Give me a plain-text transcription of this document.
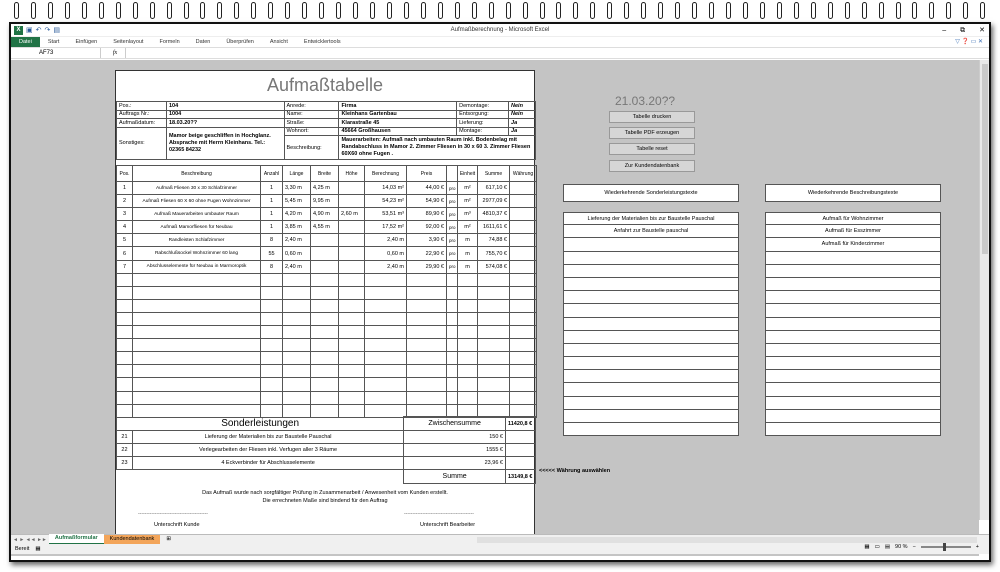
X ▣ ↶ ↷ ▤	Aufmaßberechnung - Microsoft Excel	– ⧉ ✕
Datei	Start	Einfügen	Seitenlayout	Formeln	Daten	Überprüfen	Ansicht	Entwicklertools	▽ ❓ ▭ ✕
AF73	fx
Aufmaßtabelle
Pos.:	104	Anrede:	Firma	Demontage:	Nein
Auftrags Nr.:	1004	Name:	Kleinhans Gartenbau	Entsorgung:	Nein
Aufmaßdatum:	18.03.20??	Straße:	Klarastraße 45	Lieferung:	Ja
Sonstiges:	Mamor beige geschliffen in Hochglanz. Absprache mit Herrn Kleinhans. Tel.: 02365 84232	Wohnort:	45664 Großhausen	Montage:	Ja
		Beschreibung:	Mauerarbeiten: Aufmaß nach umbauten Raum inkl. Bodenbelag mit Randabschluss in Mamor 2. Zimmer Fliesen in 30 x 60 3. Zimmer Fliesen 60X60 ohne Fugen .		
Pos.	Beschreibung	Anzahl	Länge	Breite	Höhe	Berechnung	Preis		Einheit	Summe	Währung
1	Aufmaß Fliesen 30 x 30 Schlafzimmer	1	3,30 m	4,25 m		14,03 m²	44,00 €	pro	m²	617,10 €	
2	Aufmaß Fliesen 60 X 60 ohne Fugen Wohnzimmer	1	5,45 m	9,95 m		54,23 m²	54,90 €	pro	m²	2977,09 €	
3	Aufmaß Mauerarbeiten umbauter Raum	1	4,20 m	4,90 m	2,60 m	53,51 m³	89,90 €	pro	m³	4810,37 €	
4	Aufmaß Mamorfliesen für Neubau	1	3,85 m	4,55 m		17,52 m²	92,00 €	pro	m²	1611,61 €	
5	Randleisten Schlafzimmer	8	2,40 m			2,40 m	3,90 €	pro	m	74,88 €	
6	Rabschlußsockel Wohnzimmer 60 lang	55	0,60 m			0,60 m	22,90 €	pro	m	755,70 €	
7	Abschlusselemente für Neubau in Marmoroptik	8	2,40 m			2,40 m	29,90 €	pro	m	574,08 €	

Sonderleistungen		Zwischensumme	11420,8 €
21	Lieferung der Materialien bis zur Baustelle Pauschal	150 €	
22	Verlegearbeiten der Fliesen inkl. Verfugen aller 3 Räume	1555 €	
23	4 Eckverbinder für Abschlusselemente	23,96 €	
		Summe	13149,8 €
Das Aufmaß wurde nach sorgfältiger Prüfung in Zusammenarbeit / Anwesenheit vom Kunden erstellt.
Die errechneten Maße sind bindend für den Auftrag
------------------------------------------	------------------------------------------
Unterschrift Kunde	Unterschrift Bearbeiter
<<<<< Währung auswählen
21.03.20??
Tabelle drucken
Tabelle PDF erzeugen
Tabelle reset
Zur Kundendatenbank
Wiederkehrende Sonderleistungstexte	Wiederkehrende Beschreibungstexte
Lieferung der Materialien bis zur Baustelle Pauschal
Anfahrt zur Baustelle pauschal
Aufmaß für Wohnzimmer
Aufmaß für Esszimmer
Aufmaß für Kinderzimmer
◄ ► ◄◄ ►►	Aufmaßformular	Kundendatenbank	⊞
Bereit ▦	▦ ▭ ▤ 90 % −	+
